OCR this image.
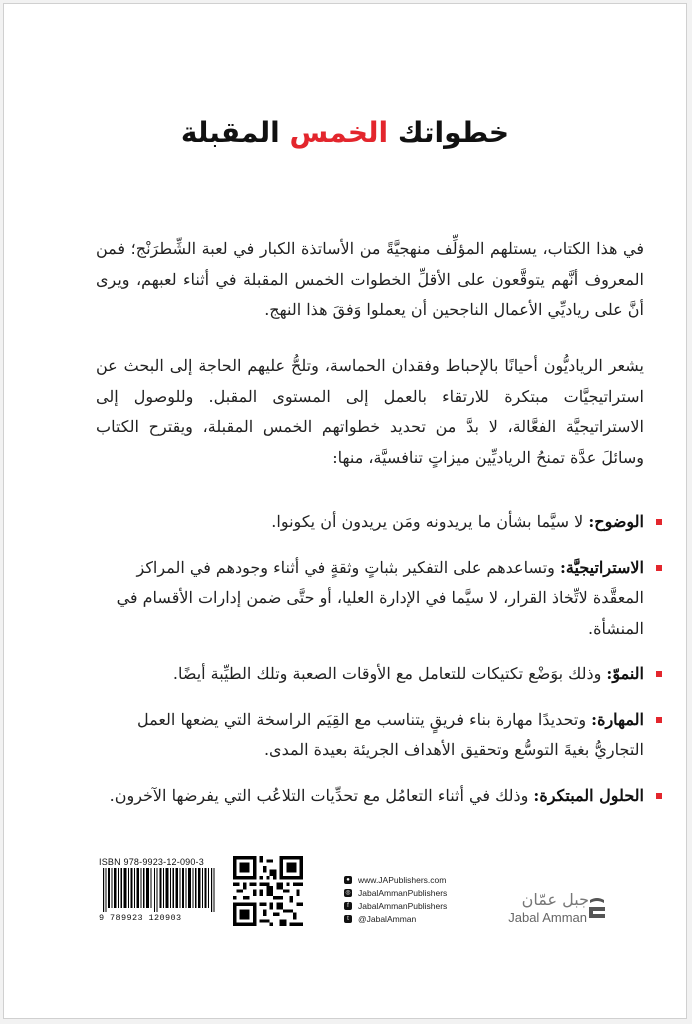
خطواتك الخمس المقبلة
في هذا الكتاب، يستلهم المؤلِّف منهجيَّةً من الأساتذة الكبار في لعبة الشِّطرَنْج؛ فمن المعروف أنَّهم يتوقَّعون على الأقلِّ الخطوات الخمس المقبلة في أثناء لعبهم، ويرى أنَّ على رياديِّي الأعمال الناجحين أن يعملوا وَفقَ هذا النهج.
يشعر الرياديُّون أحيانًا بالإحباط وفقدان الحماسة، وتلحُّ عليهم الحاجة إلى البحث عن استراتيجيَّات مبتكرة للارتقاء بالعمل إلى المستوى المقبل. وللوصول إلى الاستراتيجيَّة الفعَّالة، لا بدَّ من تحديد خطواتهم الخمس المقبلة، ويقترح الكتاب وسائلَ عدَّة تمنحُ الرياديِّين ميزاتٍ تنافسيَّة، منها:
الوضوح: لا سيَّما بشأن ما يريدونه ومَن يريدون أن يكونوا.
الاستراتيجيَّة: وتساعدهم على التفكير بثباتٍ وثقةٍ في أثناء وجودهم في المراكز المعقَّدة لاتِّخاذ القرار، لا سيَّما في الإدارة العليا، أو حتَّى ضمن إدارات الأقسام في المنشأة.
النموّ: وذلك بوَضْع تكتيكات للتعامل مع الأوقات الصعبة وتلك الطيِّبة أيضًا.
المهارة: وتحديدًا مهارة بناء فريقٍ يتناسب مع القِيَم الراسخة التي يضعها العمل التجاريُّ بغيةَ التوسُّع وتحقيق الأهداف الجريئة بعيدة المدى.
الحلول المبتكرة: وذلك في أثناء التعامُل مع تحدِّيات التلاعُب التي يفرضها الآخرون.
ISBN 978-9923-12-090-3
9 789923 120903
● www.JAPublishers.com
◎ JabalAmmanPublishers
f	JabalAmmanPublishers
t	@JabalAmman
جبل عمّان
Jabal Amman
